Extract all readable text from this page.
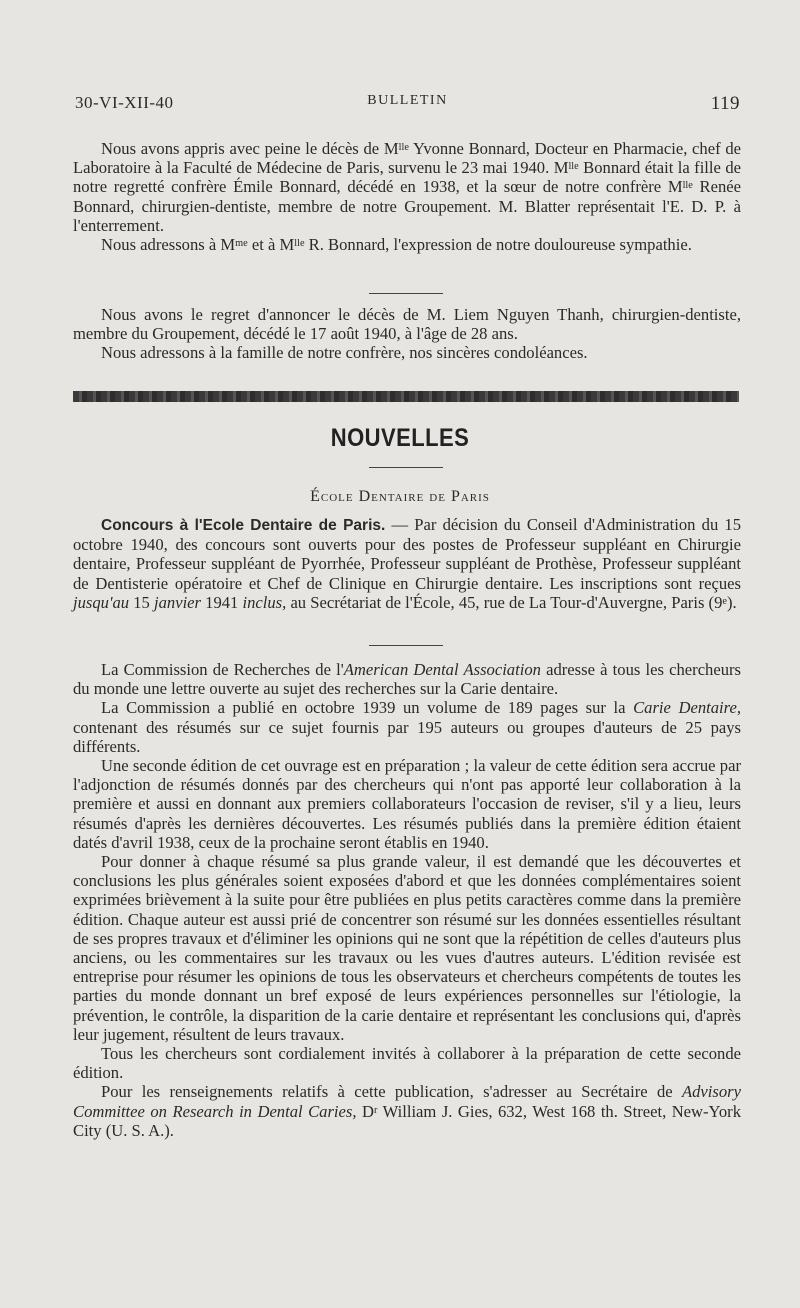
30-VI-XII-40	BULLETIN	119

Nous avons appris avec peine le décès de $M^{lle}$ Yvonne Bonnard, Docteur en Pharmacie, chef de Laboratoire à la Faculté de Médecine de Paris, survenu le 23 mai 1940. $M^{lle}$ Bonnard était la fille de notre regretté confrère Émile Bonnard, décédé en 1938, et la sœur de notre confrère $M^{lle}$ Renée Bonnard, chirurgien-dentiste, membre de notre Groupement. M. Blatter représentait l'E. D. P. à l'enterrement.

Nous adressons à $M^{me}$ et à $M^{lle}$ R. Bonnard, l'expression de notre douloureuse sympathie.

Nous avons le regret d'annoncer le décès de M. Liem Nguyen Thanh, chirurgien-dentiste, membre du Groupement, décédé le 17 août 1940, à l'âge de 28 ans.

Nous adressons à la famille de notre confrère, nos sincères condoléances.

NOUVELLES
École Dentaire de Paris

Concours à l'Ecole Dentaire de Paris. — Par décision du Conseil d'Administration du 15 octobre 1940, des concours sont ouverts pour des postes de Professeur suppléant en Chirurgie dentaire, Professeur suppléant de Pyorrhée, Professeur suppléant de Prothèse, Professeur suppléant de Dentisterie opératoire et Chef de Clinique en Chirurgie dentaire. Les inscriptions sont reçues jusqu'au 15 janvier 1941 inclus, au Secrétariat de l'École, 45, rue de La Tour-d'Auvergne, Paris (9e).

La Commission de Recherches de l'American Dental Association adresse à tous les chercheurs du monde une lettre ouverte au sujet des recherches sur la Carie dentaire.

La Commission a publié en octobre 1939 un volume de 189 pages sur la Carie Dentaire, contenant des résumés sur ce sujet fournis par 195 auteurs ou groupes d'auteurs de 25 pays différents.

Une seconde édition de cet ouvrage est en préparation ; la valeur de cette édition sera accrue par l'adjonction de résumés donnés par des chercheurs qui n'ont pas apporté leur collaboration à la première et aussi en donnant aux premiers collaborateurs l'occasion de reviser, s'il y a lieu, leurs résumés d'après les dernières découvertes. Les résumés publiés dans la première édition étaient datés d'avril 1938, ceux de la prochaine seront établis en 1940.

Pour donner à chaque résumé sa plus grande valeur, il est demandé que les découvertes et conclusions les plus générales soient exposées d'abord et que les données complémentaires soient exprimées brièvement à la suite pour être publiées en plus petits caractères comme dans la première édition. Chaque auteur est aussi prié de concentrer son résumé sur les données essentielles résultant de ses propres travaux et d'éliminer les opinions qui ne sont que la répétition de celles d'auteurs plus anciens, ou les commentaires sur les travaux ou les vues d'autres auteurs. L'édition revisée est entreprise pour résumer les opinions de tous les observateurs et chercheurs compétents de toutes les parties du monde donnant un bref exposé de leurs expériences personnelles sur l'étiologie, la prévention, le contrôle, la disparition de la carie dentaire et représentant les conclusions qui, d'après leur jugement, résultent de leurs travaux.

Tous les chercheurs sont cordialement invités à collaborer à la préparation de cette seconde édition.

Pour les renseignements relatifs à cette publication, s'adresser au Secrétaire de Advisory Committee on Research in Dental Caries, $D^r$ William J. Gies, 632, West 168 th. Street, New-York City (U. S. A.).
